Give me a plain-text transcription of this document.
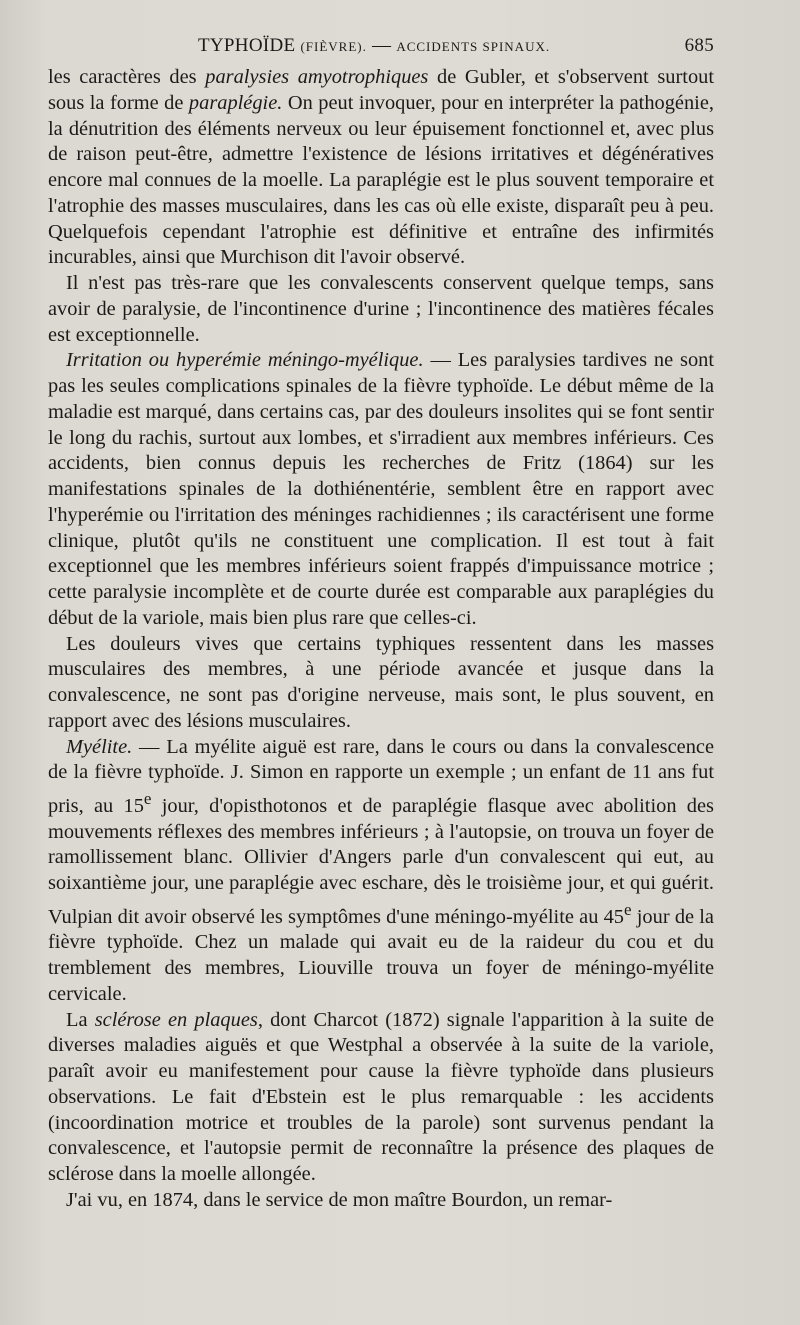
TYPHOÏDE (FIÈVRE). — ACCIDENTS SPINAUX.	685

les caractères des paralysies amyotrophiques de Gubler, et s'observent surtout sous la forme de paraplégie. On peut invoquer, pour en interpréter la pathogénie, la dénutrition des éléments nerveux ou leur épuisement fonctionnel et, avec plus de raison peut-être, admettre l'existence de lésions irritatives et dégénératives encore mal connues de la moelle. La paraplégie est le plus souvent temporaire et l'atrophie des masses musculaires, dans les cas où elle existe, disparaît peu à peu. Quelquefois cependant l'atrophie est définitive et entraîne des infirmités incurables, ainsi que Murchison dit l'avoir observé.

Il n'est pas très-rare que les convalescents conservent quelque temps, sans avoir de paralysie, de l'incontinence d'urine ; l'incontinence des matières fécales est exceptionnelle.

Irritation ou hyperémie méningo-myélique. — Les paralysies tardives ne sont pas les seules complications spinales de la fièvre typhoïde. Le début même de la maladie est marqué, dans certains cas, par des douleurs insolites qui se font sentir le long du rachis, surtout aux lombes, et s'irradient aux membres inférieurs. Ces accidents, bien connus depuis les recherches de Fritz (1864) sur les manifestations spinales de la dothiénentérie, semblent être en rapport avec l'hyperémie ou l'irritation des méninges rachidiennes ; ils caractérisent une forme clinique, plutôt qu'ils ne constituent une complication. Il est tout à fait exceptionnel que les membres inférieurs soient frappés d'impuissance motrice ; cette paralysie incomplète et de courte durée est comparable aux paraplégies du début de la variole, mais bien plus rare que celles-ci.

Les douleurs vives que certains typhiques ressentent dans les masses musculaires des membres, à une période avancée et jusque dans la convalescence, ne sont pas d'origine nerveuse, mais sont, le plus souvent, en rapport avec des lésions musculaires.

Myélite. — La myélite aiguë est rare, dans le cours ou dans la convalescence de la fièvre typhoïde. J. Simon en rapporte un exemple ; un enfant de 11 ans fut pris, au 15e jour, d'opisthotonos et de paraplégie flasque avec abolition des mouvements réflexes des membres inférieurs ; à l'autopsie, on trouva un foyer de ramollissement blanc. Ollivier d'Angers parle d'un convalescent qui eut, au soixantième jour, une paraplégie avec eschare, dès le troisième jour, et qui guérit. Vulpian dit avoir observé les symptômes d'une méningo-myélite au 45e jour de la fièvre typhoïde. Chez un malade qui avait eu de la raideur du cou et du tremblement des membres, Liouville trouva un foyer de méningo-myélite cervicale.

La sclérose en plaques, dont Charcot (1872) signale l'apparition à la suite de diverses maladies aiguës et que Westphal a observée à la suite de la variole, paraît avoir eu manifestement pour cause la fièvre typhoïde dans plusieurs observations. Le fait d'Ebstein est le plus remarquable : les accidents (incoordination motrice et troubles de la parole) sont survenus pendant la convalescence, et l'autopsie permit de reconnaître la présence des plaques de sclérose dans la moelle allongée.

J'ai vu, en 1874, dans le service de mon maître Bourdon, un remar-
